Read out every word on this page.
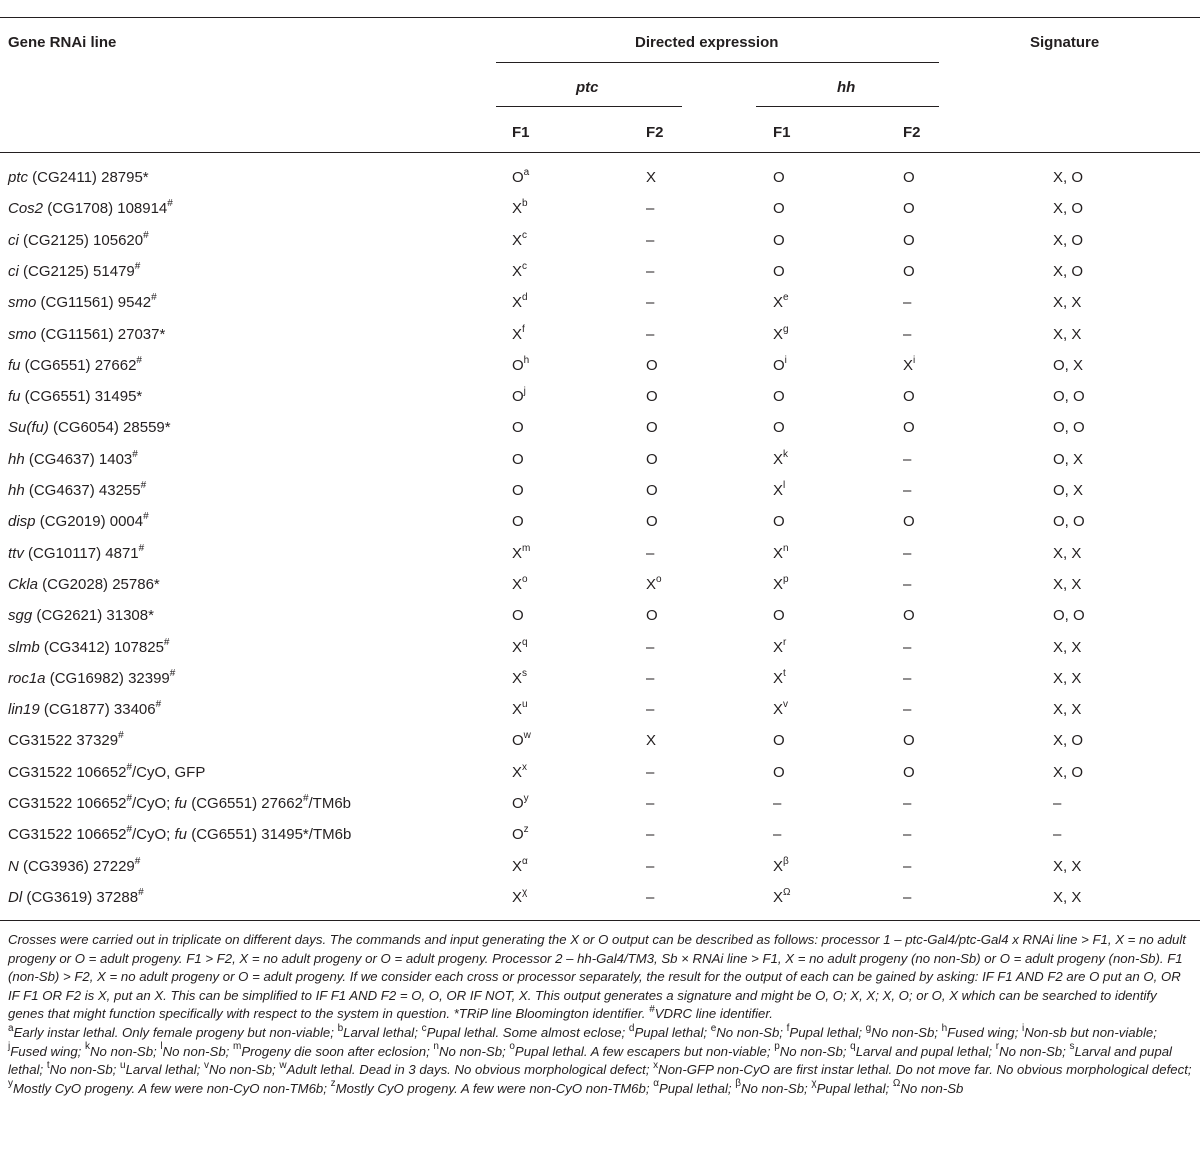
Gene RNAi line	Directed expression	Signature
ptc	hh
F1	F2	F1	F2
ptc (CG2411) 28795*	$O^a$	X	O	O	X, O
Cos2 (CG1708) 108914#	$X^b$	–	O	O	X, O
ci (CG2125) 105620#	$X^c$	–	O	O	X, O
ci (CG2125) 51479#	$X^c$	–	O	O	X, O
smo (CG11561) 9542#	$X^d$	–	Xe	–	X, X
smo (CG11561) 27037*	$X^f$	–	$X^g$	–	X, X
fu (CG6551) 27662#	$O^h$	O	$O^i$	$X^i$	O, X
fu (CG6551) 31495*	$O^j$	O	O	O	O, O
Su(fu) (CG6054) 28559*	O	O	O	O	O, O
hh (CG4637) 1403#	O	O	$X^k$	–	O, X
hh (CG4637) 43255#	O	O	$X^l$	–	O, X
disp (CG2019) 0004#	O	O	O	O	O, O
ttv (CG10117) 4871#	$X^m$	–	$X^n$	–	X, X
Ckla (CG2028) 25786*	$X^o$	$X^o$	$X^p$	–	X, X
sgg (CG2621) 31308*	O	O	O	O	O, O
slmb (CG3412) 107825#	$X^q$	–	$X^r$	–	X, X
roc1a (CG16982) 32399#	$X^s$	–	$X^t$	–	X, X
lin19 (CG1877) 33406#	$X^u$	–	$X^v$	–	X, X
CG31522 37329#	$O^w$	X	O	O	X, O
CG31522 106652#/CyO, GFP	$X^x$	–	O	O	X, O
CG31522 106652#/CyO; fu (CG6551) 27662#/TM6b	$O^y$	–	–	–	–
CG31522 106652#/CyO; fu (CG6551) 31495*/TM6b	$O^z$	–	–	–	–
N (CG3936) 27229#	$X^\alpha$	–	$X^\beta$	–	X, X
Dl (CG3619) 37288#	$X^\chi$	–	$X^\Omega$	–	X, X

Crosses were carried out in triplicate on different days. The commands and input generating the X or O output can be described as follows: processor 1 – ptc-Gal4/ptc-Gal4 x RNAi line > F1, X = no adult progeny or O = adult progeny. F1 > F2, X = no adult progeny or O = adult progeny. Processor 2 – hh-Gal4/TM3, Sb × RNAi line > F1, X = no adult progeny (no non-Sb) or O = adult progeny (non-Sb). F1 (non-Sb) > F2, X = no adult progeny or O = adult progeny. If we consider each cross or processor separately, the result for the output of each can be gained by asking: IF F1 AND F2 are O put an O, OR IF F1 OR F2 is X, put an X. This can be simplified to IF F1 AND F2 = O, O, OR IF NOT, X. This output generates a signature and might be O, O; X, X; X, O; or O, X which can be searched to identify genes that might function specifically with respect to the system in question. *TRiP line Bloomington identifier. #VDRC line identifier.

$^a$Early instar lethal. Only female progeny but non-viable; $^b$Larval lethal; $^c$Pupal lethal. Some almost eclose; $^d$Pupal lethal; $^e$No non-Sb; $^f$Pupal lethal; $^g$No non-Sb; $^h$Fused wing; $^i$Non-sb but non-viable; $^j$Fused wing; $^k$No non-Sb; $^l$No non-Sb; $^m$Progeny die soon after eclosion; $^n$No non-Sb; $^o$Pupal lethal. A few escapers but non-viable; $^p$No non-Sb; $^q$Larval and pupal lethal; $^r$No non-Sb; $^s$Larval and pupal lethal; $^t$No non-Sb; $^u$Larval lethal; $^v$No non-Sb; $^w$Adult lethal. Dead in 3 days. No obvious morphological defect; $^x$Non-GFP non-CyO are first instar lethal. Do not move far. No obvious morphological defect; $^y$Mostly CyO progeny. A few were non-CyO non-TM6b; $^z$Mostly CyO progeny. A few were non-CyO non-TM6b; $^\alpha$Pupal lethal; $^\beta$No non-Sb; $^\chi$Pupal lethal; $^\Omega$No non-Sb
